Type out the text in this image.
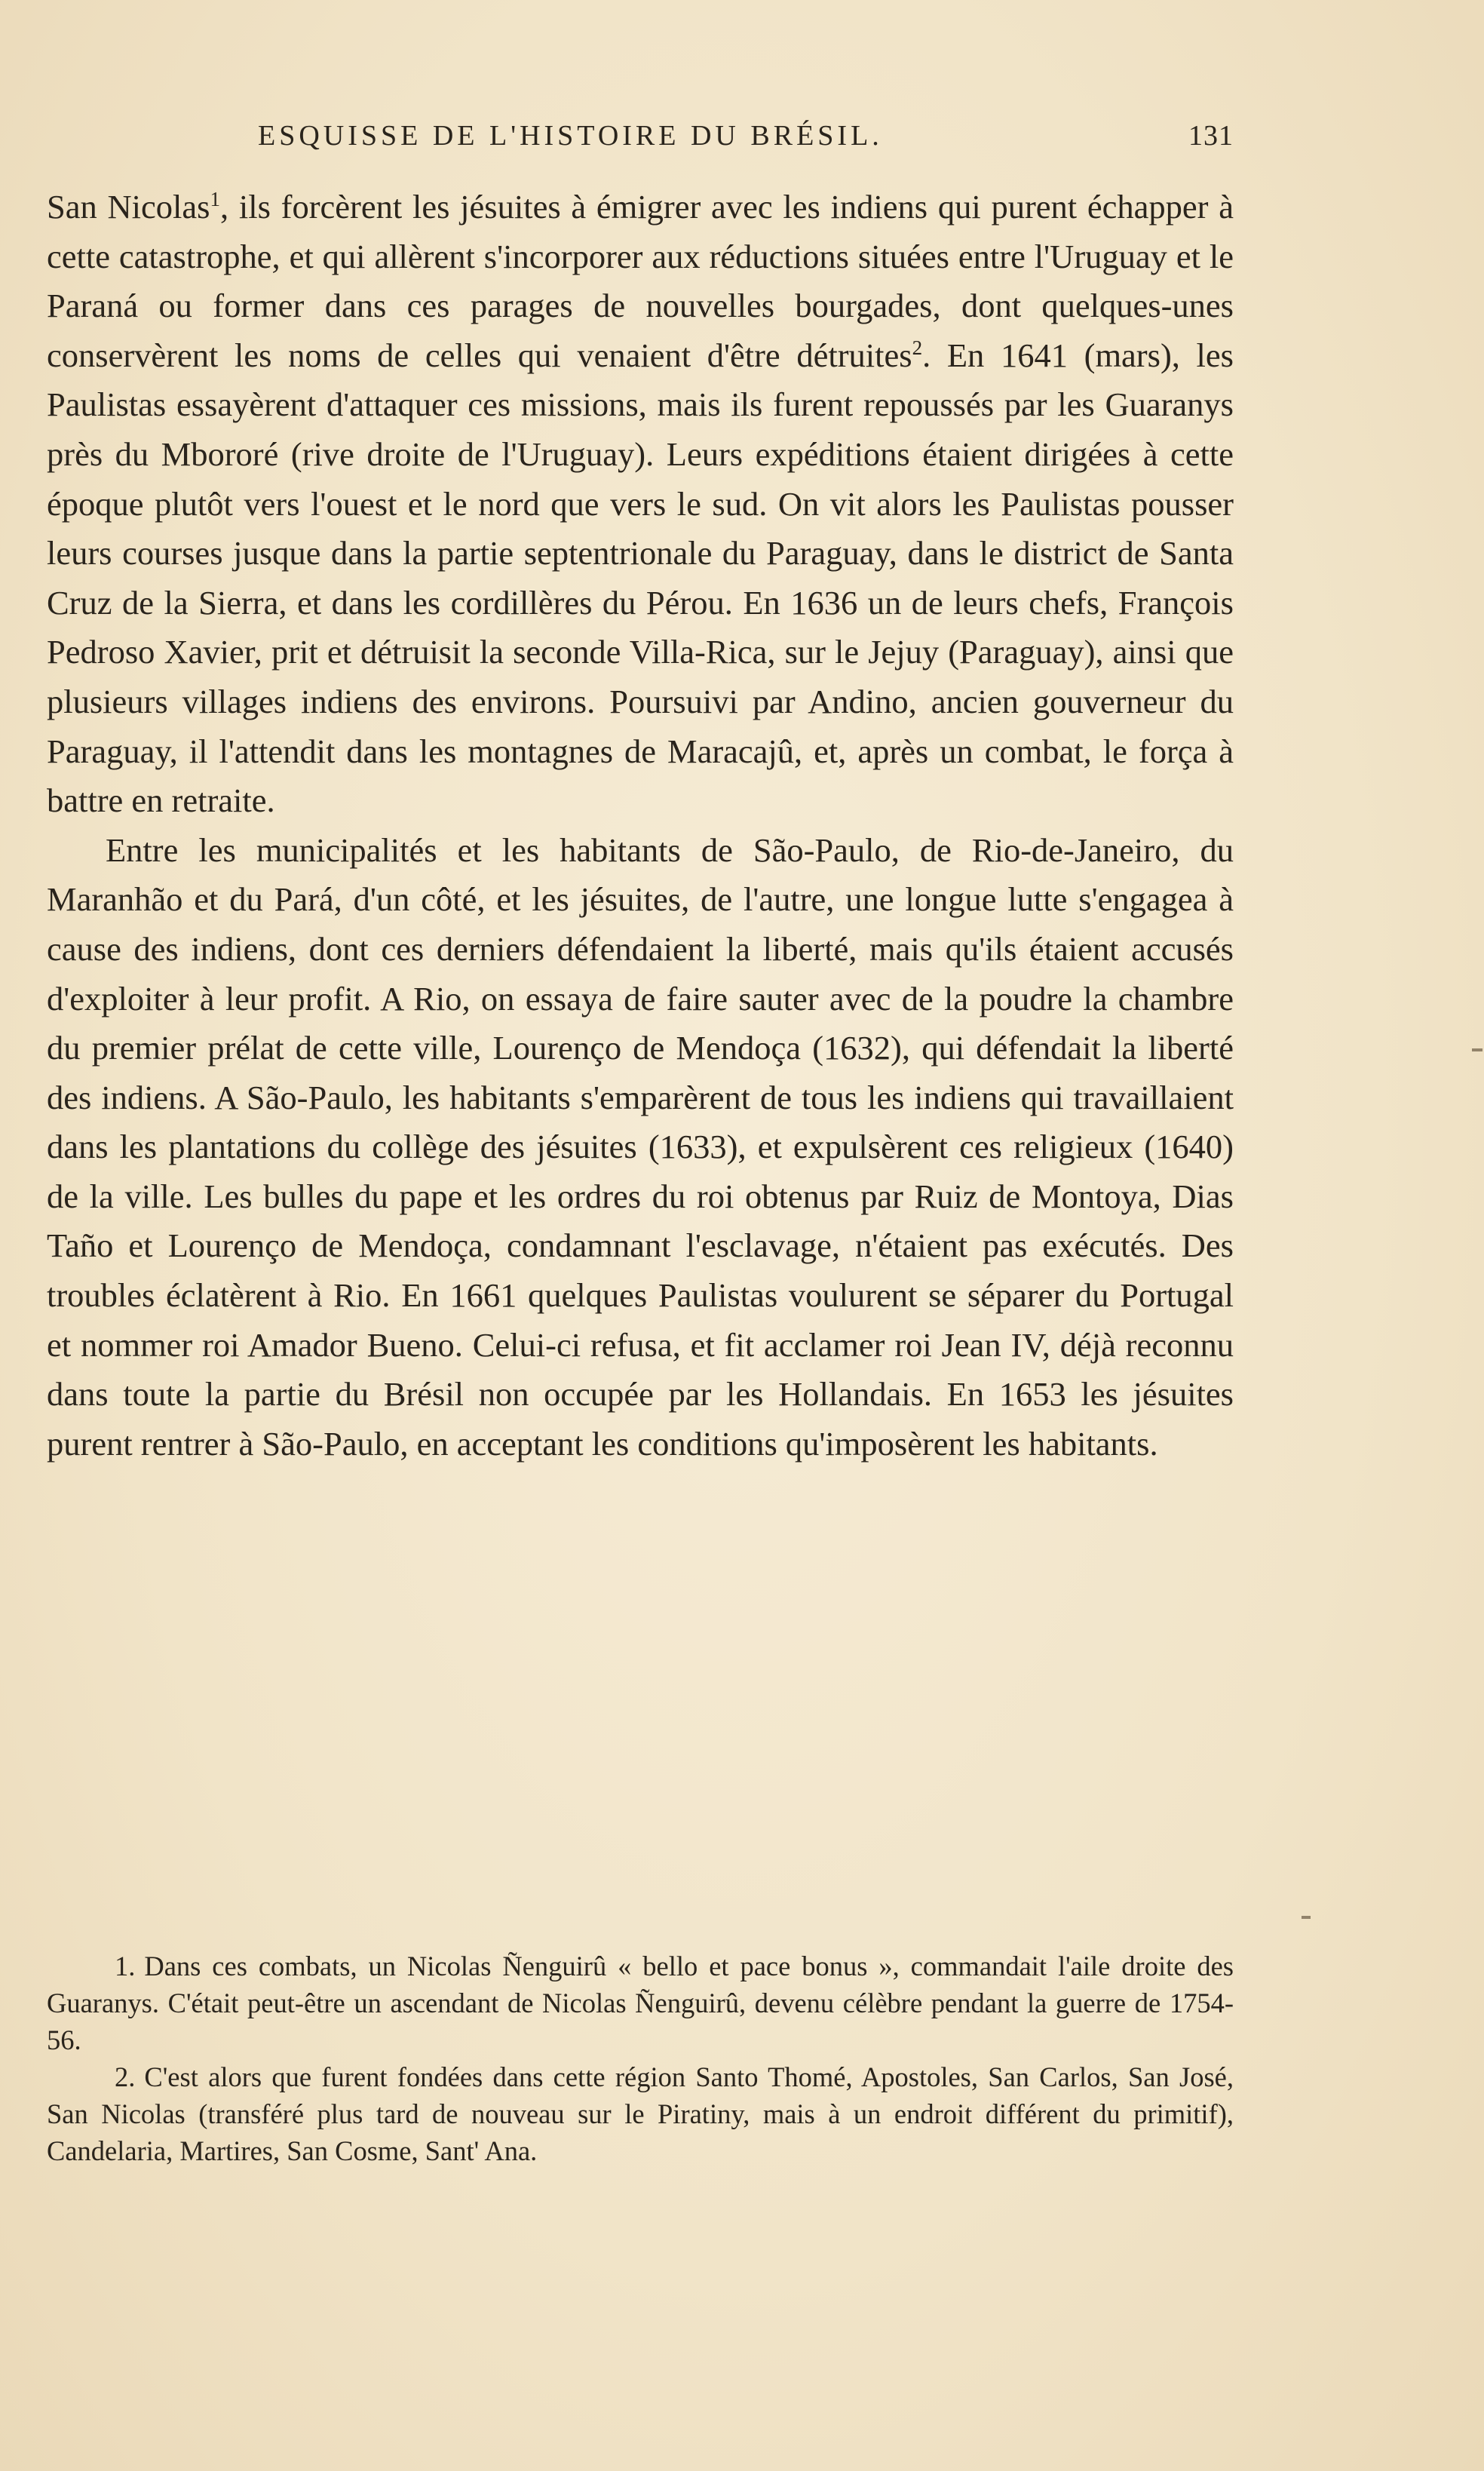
ESQUISSE DE L'HISTOIRE DU BRÉSIL.	131

San Nicolas$^1$, ils forcèrent les jésuites à émigrer avec les indiens qui purent échapper à cette catastrophe, et qui allèrent s'incorporer aux réductions situées entre l'Uruguay et le Paraná ou former dans ces parages de nouvelles bourgades, dont quelques-unes conservèrent les noms de celles qui venaient d'être détruites$^2$. En 1641 (mars), les Paulistas essayèrent d'attaquer ces missions, mais ils furent repoussés par les Guaranys près du Mbororé (rive droite de l'Uruguay). Leurs expéditions étaient dirigées à cette époque plutôt vers l'ouest et le nord que vers le sud. On vit alors les Paulistas pousser leurs courses jusque dans la partie septentrionale du Paraguay, dans le district de Santa Cruz de la Sierra, et dans les cordillères du Pérou. En 1636 un de leurs chefs, François Pedroso Xavier, prit et détruisit la seconde Villa-Rica, sur le Jejuy (Paraguay), ainsi que plusieurs villages indiens des environs. Poursuivi par Andino, ancien gouverneur du Paraguay, il l'attendit dans les montagnes de Maracajû, et, après un combat, le força à battre en retraite.

Entre les municipalités et les habitants de São-Paulo, de Rio-de-Janeiro, du Maranhão et du Pará, d'un côté, et les jésuites, de l'autre, une longue lutte s'engagea à cause des indiens, dont ces derniers défendaient la liberté, mais qu'ils étaient accusés d'exploiter à leur profit. A Rio, on essaya de faire sauter avec de la poudre la chambre du premier prélat de cette ville, Lourenço de Mendoça (1632), qui défendait la liberté des indiens. A São-Paulo, les habitants s'emparèrent de tous les indiens qui travaillaient dans les plantations du collège des jésuites (1633), et expulsèrent ces religieux (1640) de la ville. Les bulles du pape et les ordres du roi obtenus par Ruiz de Montoya, Dias Taño et Lourenço de Mendoça, condamnant l'esclavage, n'étaient pas exécutés. Des troubles éclatèrent à Rio. En 1661 quelques Paulistas voulurent se séparer du Portugal et nommer roi Amador Bueno. Celui-ci refusa, et fit acclamer roi Jean IV, déjà reconnu dans toute la partie du Brésil non occupée par les Hollandais. En 1653 les jésuites purent rentrer à São-Paulo, en acceptant les conditions qu'imposèrent les habitants.

1. Dans ces combats, un Nicolas Ñenguirû « bello et pace bonus », commandait l'aile droite des Guaranys. C'était peut-être un ascendant de Nicolas Ñenguirû, devenu célèbre pendant la guerre de 1754-56.

2. C'est alors que furent fondées dans cette région Santo Thomé, Apostoles, San Carlos, San José, San Nicolas (transféré plus tard de nouveau sur le Piratiny, mais à un endroit différent du primitif), Candelaria, Martires, San Cosme, Sant' Ana.
